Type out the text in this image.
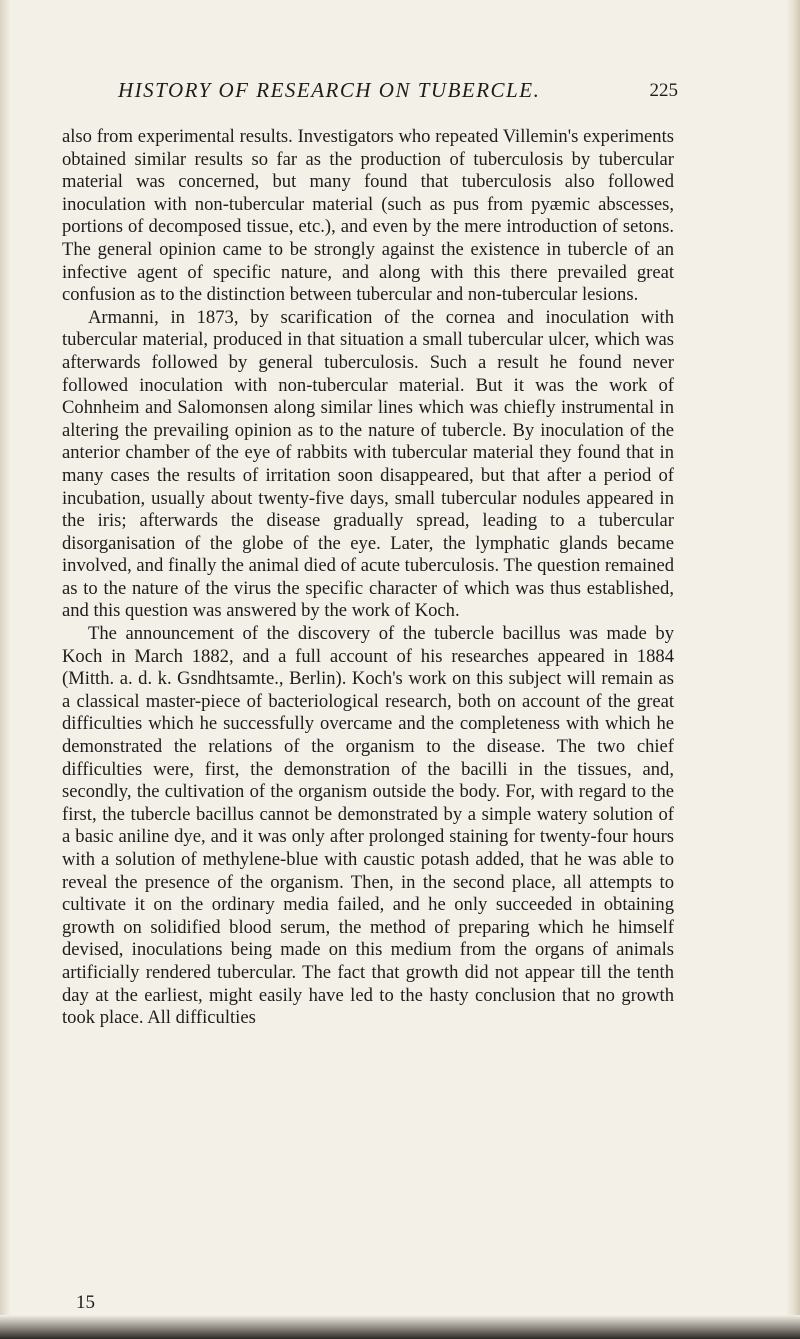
HISTORY OF RESEARCH ON TUBERCLE.	225

also from experimental results. Investigators who repeated Villemin's experiments obtained similar results so far as the production of tuberculosis by tubercular material was concerned, but many found that tuberculosis also followed inoculation with non-tubercular material (such as pus from pyæmic abscesses, portions of decomposed tissue, etc.), and even by the mere introduction of setons. The general opinion came to be strongly against the existence in tubercle of an infective agent of specific nature, and along with this there prevailed great confusion as to the distinction between tubercular and non-tubercular lesions.

Armanni, in 1873, by scarification of the cornea and inoculation with tubercular material, produced in that situation a small tubercular ulcer, which was afterwards followed by general tuberculosis. Such a result he found never followed inoculation with non-tubercular material. But it was the work of Cohnheim and Salomonsen along similar lines which was chiefly instrumental in altering the prevailing opinion as to the nature of tubercle. By inoculation of the anterior chamber of the eye of rabbits with tubercular material they found that in many cases the results of irritation soon disappeared, but that after a period of incubation, usually about twenty-five days, small tubercular nodules appeared in the iris; afterwards the disease gradually spread, leading to a tubercular disorganisation of the globe of the eye. Later, the lymphatic glands became involved, and finally the animal died of acute tuberculosis. The question remained as to the nature of the virus the specific character of which was thus established, and this question was answered by the work of Koch.

The announcement of the discovery of the tubercle bacillus was made by Koch in March 1882, and a full account of his researches appeared in 1884 (Mitth. a. d. k. Gsndhtsamte., Berlin). Koch's work on this subject will remain as a classical master-piece of bacteriological research, both on account of the great difficulties which he successfully overcame and the completeness with which he demonstrated the relations of the organism to the disease. The two chief difficulties were, first, the demonstration of the bacilli in the tissues, and, secondly, the cultivation of the organism outside the body. For, with regard to the first, the tubercle bacillus cannot be demonstrated by a simple watery solution of a basic aniline dye, and it was only after prolonged staining for twenty-four hours with a solution of methylene-blue with caustic potash added, that he was able to reveal the presence of the organism. Then, in the second place, all attempts to cultivate it on the ordinary media failed, and he only succeeded in obtaining growth on solidified blood serum, the method of preparing which he himself devised, inoculations being made on this medium from the organs of animals artificially rendered tubercular. The fact that growth did not appear till the tenth day at the earliest, might easily have led to the hasty conclusion that no growth took place. All difficulties

15
